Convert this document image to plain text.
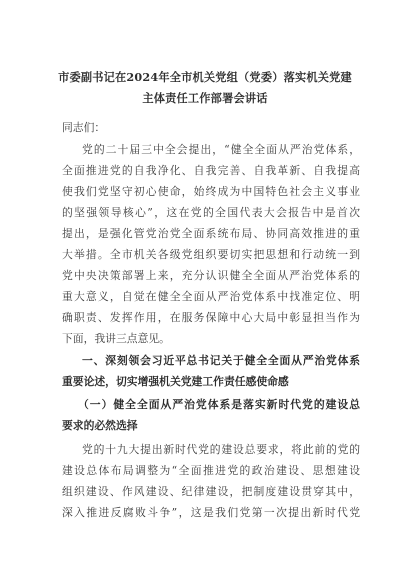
市委副书记在2024年全市机关党组（党委）落实机关党建
主体责任工作部署会讲话
同志们：
党的二十届三中全会提出，“健全全面从严治党体系，
全面推进党的自我净化、自我完善、自我革新、自我提高
使我们党坚守初心使命，始终成为中国特色社会主义事业
的坚强领导核心”，这在党的全国代表大会报告中是首次
提出，是强化管党治党全面系统布局、协同高效推进的重
大举措。全市机关各级党组织要切实把思想和行动统一到
党中央决策部署上来，充分认识健全全面从严治党体系的
重大意义，自觉在健全全面从严治党体系中找准定位、明
确职责、发挥作用，在服务保障中心大局中彰显担当作为
下面，我讲三点意见。
一、深刻领会习近平总书记关于健全全面从严治党体系
重要论述，切实增强机关党建工作责任感使命感
（一）健全全面从严治党体系是落实新时代党的建设总
要求的必然选择
党的十九大提出新时代党的建设总要求，将此前的党的
建设总体布局调整为“全面推进党的政治建设、思想建设
组织建设、作风建设、纪律建设，把制度建设贯穿其中，
深入推进反腐败斗争”，这是我们党第一次提出新时代党
